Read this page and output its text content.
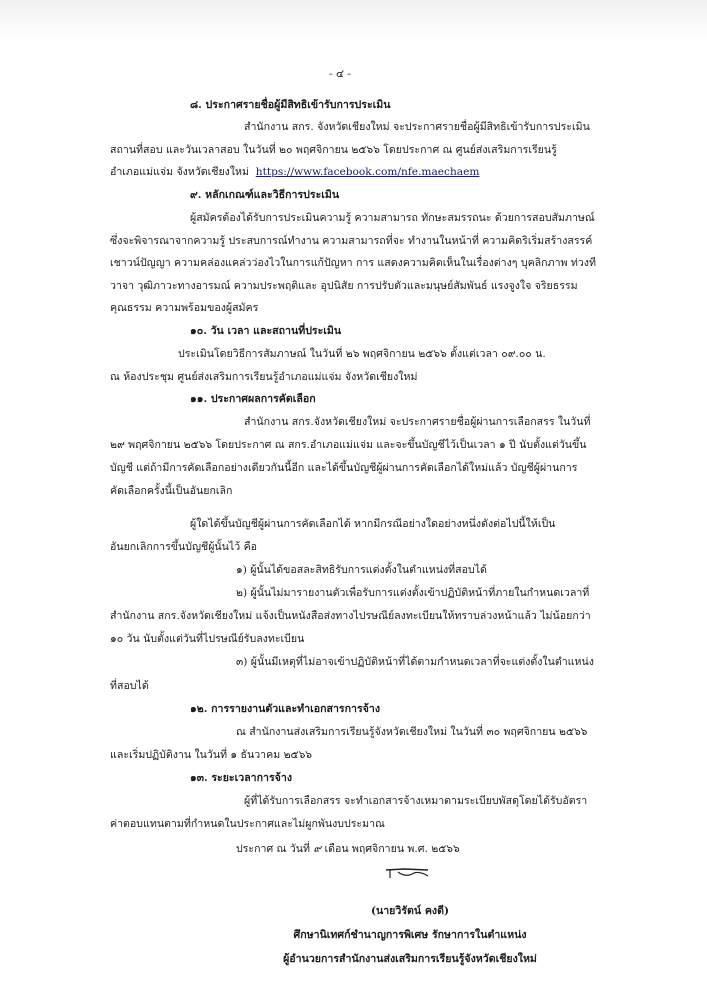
- ๔ -
๘. ประกาศรายชื่อผู้มีสิทธิเข้ารับการประเมิน
สำนักงาน สกร. จังหวัดเชียงใหม่ จะประกาศรายชื่อผู้มีสิทธิเข้ารับการประเมิน
สถานที่สอบ และวันเวลาสอบ ในวันที่ ๒๐ พฤศจิกายน ๒๕๖๖ โดยประกาศ ณ ศูนย์ส่งเสริมการเรียนรู้
อำเภอแม่แจ่ม จังหวัดเชียงใหม่ https://www.facebook.com/nfe.maechaem
๙. หลักเกณฑ์และวิธีการประเมิน
ผู้สมัครต้องได้รับการประเมินความรู้ ความสามารถ ทักษะสมรรถนะ ด้วยการสอบสัมภาษณ์
ซึ่งจะพิจารณาจากความรู้ ประสบการณ์ทำงาน ความสามารถที่จะ ทำงานในหน้าที่ ความคิดริเริ่มสร้างสรรค์
เชาวน์ปัญญา ความคล่องแคล่วว่องไวในการแก้ปัญหา การ แสดงความคิดเห็นในเรื่องต่างๆ บุคลิกภาพ ท่วงที
วาจา วุฒิภาวะทางอารมณ์ ความประพฤติและ อุปนิสัย การปรับตัวและมนุษย์สัมพันธ์ แรงจูงใจ จริยธรรม
คุณธรรม ความพร้อมของผู้สมัคร
๑๐. วัน เวลา และสถานที่ประเมิน
ประเมินโดยวิธีการสัมภาษณ์ ในวันที่ ๒๖ พฤศจิกายน ๒๕๖๖ ตั้งแต่เวลา ๐๙.๐๐ น.
ณ ห้องประชุม ศูนย์ส่งเสริมการเรียนรู้อำเภอแม่แจ่ม จังหวัดเชียงใหม่
๑๑. ประกาศผลการคัดเลือก
สำนักงาน สกร.จังหวัดเชียงใหม่ จะประกาศรายชื่อผู้ผ่านการเลือกสรร ในวันที่
๒๙ พฤศจิกายน ๒๕๖๖ โดยประกาศ ณ สกร.อำเภอแม่แจ่ม และจะขึ้นบัญชีไว้เป็นเวลา ๑ ปี นับตั้งแต่วันขึ้น
บัญชี แต่ถ้ามีการคัดเลือกอย่างเดียวกันนี้อีก และได้ขึ้นบัญชีผู้ผ่านการคัดเลือกได้ใหม่แล้ว บัญชีผู้ผ่านการ
คัดเลือกครั้งนี้เป็นอันยกเลิก
ผู้ใดได้ขึ้นบัญชีผู้ผ่านการคัดเลือกได้ หากมีกรณีอย่างใดอย่างหนึ่งดังต่อไปนี้ให้เป็น
อันยกเลิกการขึ้นบัญชีผู้นั้นไว้ คือ
๑) ผู้นั้นได้ขอสละสิทธิรับการแต่งตั้งในตำแหน่งที่สอบได้
๒) ผู้นั้นไม่มารายงานตัวเพื่อรับการแต่งตั้งเข้าปฏิบัติหน้าที่ภายในกำหนดเวลาที่
สำนักงาน สกร.จังหวัดเชียงใหม่ แจ้งเป็นหนังสือส่งทางไปรษณีย์ลงทะเบียนให้ทราบล่วงหน้าแล้ว ไม่น้อยกว่า
๑๐ วัน นับตั้งแต่วันที่ไปรษณีย์รับลงทะเบียน
๓) ผู้นั้นมีเหตุที่ไม่อาจเข้าปฏิบัติหน้าที่ได้ตามกำหนดเวลาที่จะแต่งตั้งในตำแหน่ง
ที่สอบได้
๑๒. การรายงานตัวและทำเอกสารการจ้าง
ณ สำนักงานส่งเสริมการเรียนรู้จังหวัดเชียงใหม่ ในวันที่ ๓๐ พฤศจิกายน ๒๕๖๖
และเริ่มปฏิบัติงาน ในวันที่ ๑ ธันวาคม ๒๕๖๖
๑๓. ระยะเวลาการจ้าง
ผู้ที่ได้รับการเลือกสรร จะทำเอกสารจ้างเหมาตามระเบียบพัสดุโดยได้รับอัตรา
ค่าตอบแทนตามที่กำหนดในประกาศและไม่ผูกพันงบประมาณ
ประกาศ ณ วันที่ ๙ เดือน พฤศจิกายน พ.ศ. ๒๕๖๖
(นายวิรัตน์ คงดี)
ศึกษานิเทศก์ชำนาญการพิเศษ รักษาการในตำแหน่ง
ผู้อำนวยการสำนักงานส่งเสริมการเรียนรู้จังหวัดเชียงใหม่
